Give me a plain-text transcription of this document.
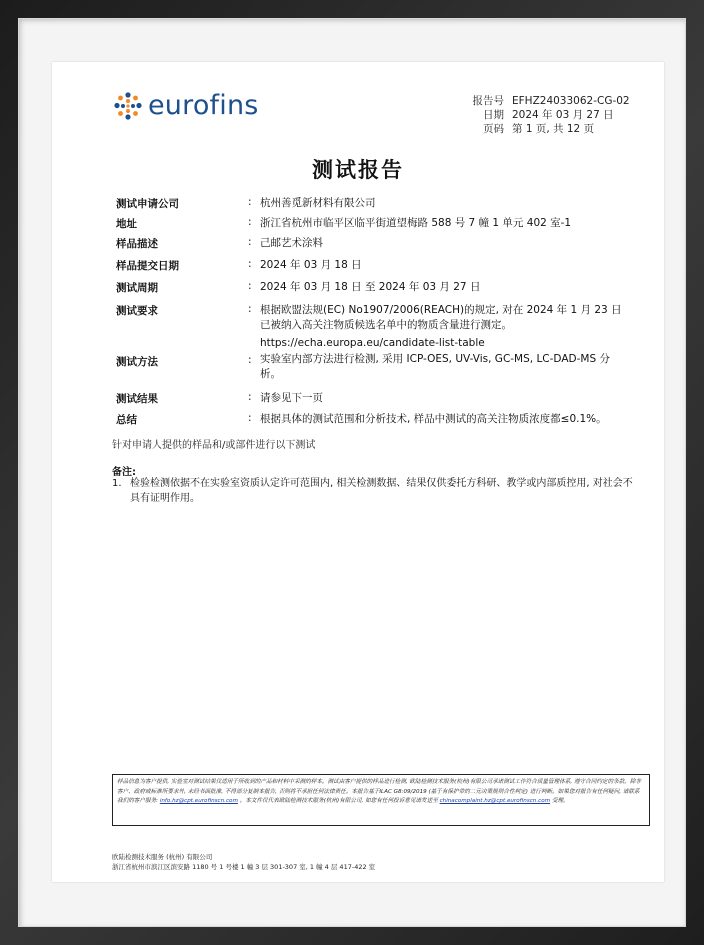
eurofins	报告号 EFHZ24033062-CG-02
日期 2024 年 03 月 27 日
页码 第 1 页, 共 12 页
测试报告
测试申请公司	: 杭州善觅新材料有限公司
地址	: 浙江省杭州市临平区临平街道望梅路 588 号 7 幢 1 单元 402 室-1
样品描述	: 己邮艺术涂料
样品提交日期	: 2024 年 03 月 18 日
测试周期	: 2024 年 03 月 18 日 至 2024 年 03 月 27 日
测试要求	: 根据欧盟法规(EC) No1907/2006(REACH)的规定, 对在 2024 年 1 月 23 日已被纳入高关注物质候选名单中的物质含量进行测定。
https://echa.europa.eu/candidate-list-table
测试方法	: 实验室内部方法进行检测, 采用 ICP-OES, UV-Vis, GC-MS, LC-DAD-MS 分析。
测试结果	: 请参见下一页
总结	: 根据具体的测试范围和分析技术, 样品中测试的高关注物质浓度都≤0.1%。
针对申请人提供的样品和/或部件进行以下测试
备注:
1. 检验检测依据不在实验室资质认定许可范围内, 相关检测数据、结果仅供委托方科研、教学或内部质控用, 对社会不具有证明作用。
样品信息为客户提供, 实验室对测试结果仅适用于所收到的产品和材料中采测的样本。测试由客户提供的样品进行检测, 欧陆检测技术服务(杭州)有限公司承诺测试工作符合质量管理体系, 遵守合同约定的条款。除非客户、政府或标准所要求外, 未经书面批准, 不得部分复制本报告, 否则将不承担任何法律责任。本报告基于ILAC G8:09/2019 (基于有保护带的二元决策规则合性判定) 进行判断。如果您对报告有任何疑问, 请联系我们的客户服务: info.hz@cpt.eurofinscn.com 。本文件仅代表欧陆检测技术服务(杭州)有限公司, 如您有任何投诉意见请发送至 chinacomplaint.hz@cpt.eurofinscn.com 受理。
欧陆检测技术服务 (杭州) 有限公司
浙江省杭州市滨江区滨安路 1180 号 1 号楼 1 幢 3 层 301-307 室, 1 幢 4 层 417-422 室
